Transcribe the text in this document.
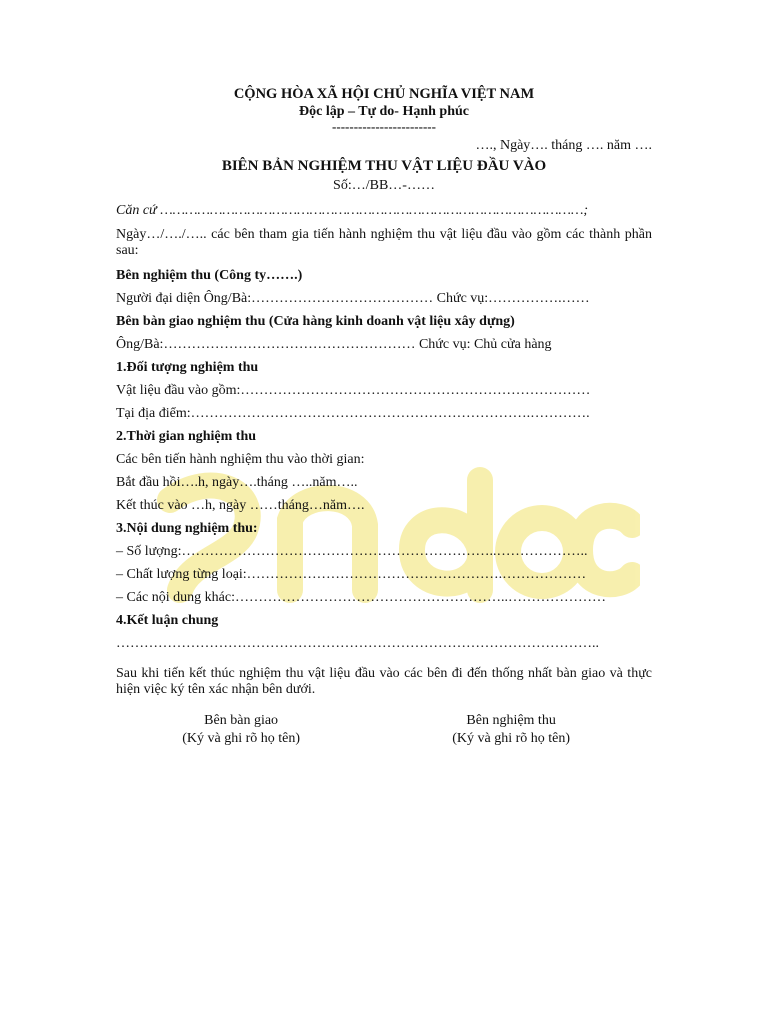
CỘNG HÒA XÃ HỘI CHỦ NGHĨA VIỆT NAM

Độc lập – Tự do- Hạnh phúc

------------------------

…., Ngày…. tháng …. năm ….

BIÊN BẢN NGHIỆM THU VẬT LIỆU ĐẦU VÀO

Số:…/BB…-……

Căn cứ …………………………………………………………………………………………;

Ngày…/…./….. các bên tham gia tiến hành nghiệm thu vật liệu đầu vào gồm các thành phần sau:

Bên nghiệm thu (Công ty…….)

Người đại diện Ông/Bà:………………………………… Chức vụ:…………….……

Bên bàn giao nghiệm thu (Cửa hàng kinh doanh vật liệu xây dựng)

Ông/Bà:……………………………………………… Chức vụ: Chủ cửa hàng

1.Đối tượng nghiệm thu

Vật liệu đầu vào gồm:…………………………………………………………………

Tại địa điểm:……………………………………………………………….………….

2.Thời gian nghiệm thu

Các bên tiến hành nghiệm thu vào thời gian:

Bắt đầu hồi….h, ngày….tháng …..năm…..

Kết thúc vào …h, ngày ……tháng…năm….

3.Nội dung nghiệm thu:

– Số lượng:…………………………………………………………..………………..

– Chất lượng từng loại:……………………………………………….………………

– Các nội dung khác:…………………………………………………..…………………

4.Kết luận chung

…………………………………………………………………………………………..

Sau khi tiến kết thúc nghiệm thu vật liệu đầu vào các bên đi đến thống nhất bàn giao và thực hiện việc ký tên xác nhận bên dưới.

Bên bàn giao
(Ký và ghi rõ họ tên)
Bên nghiệm thu
(Ký và ghi rõ họ tên)
